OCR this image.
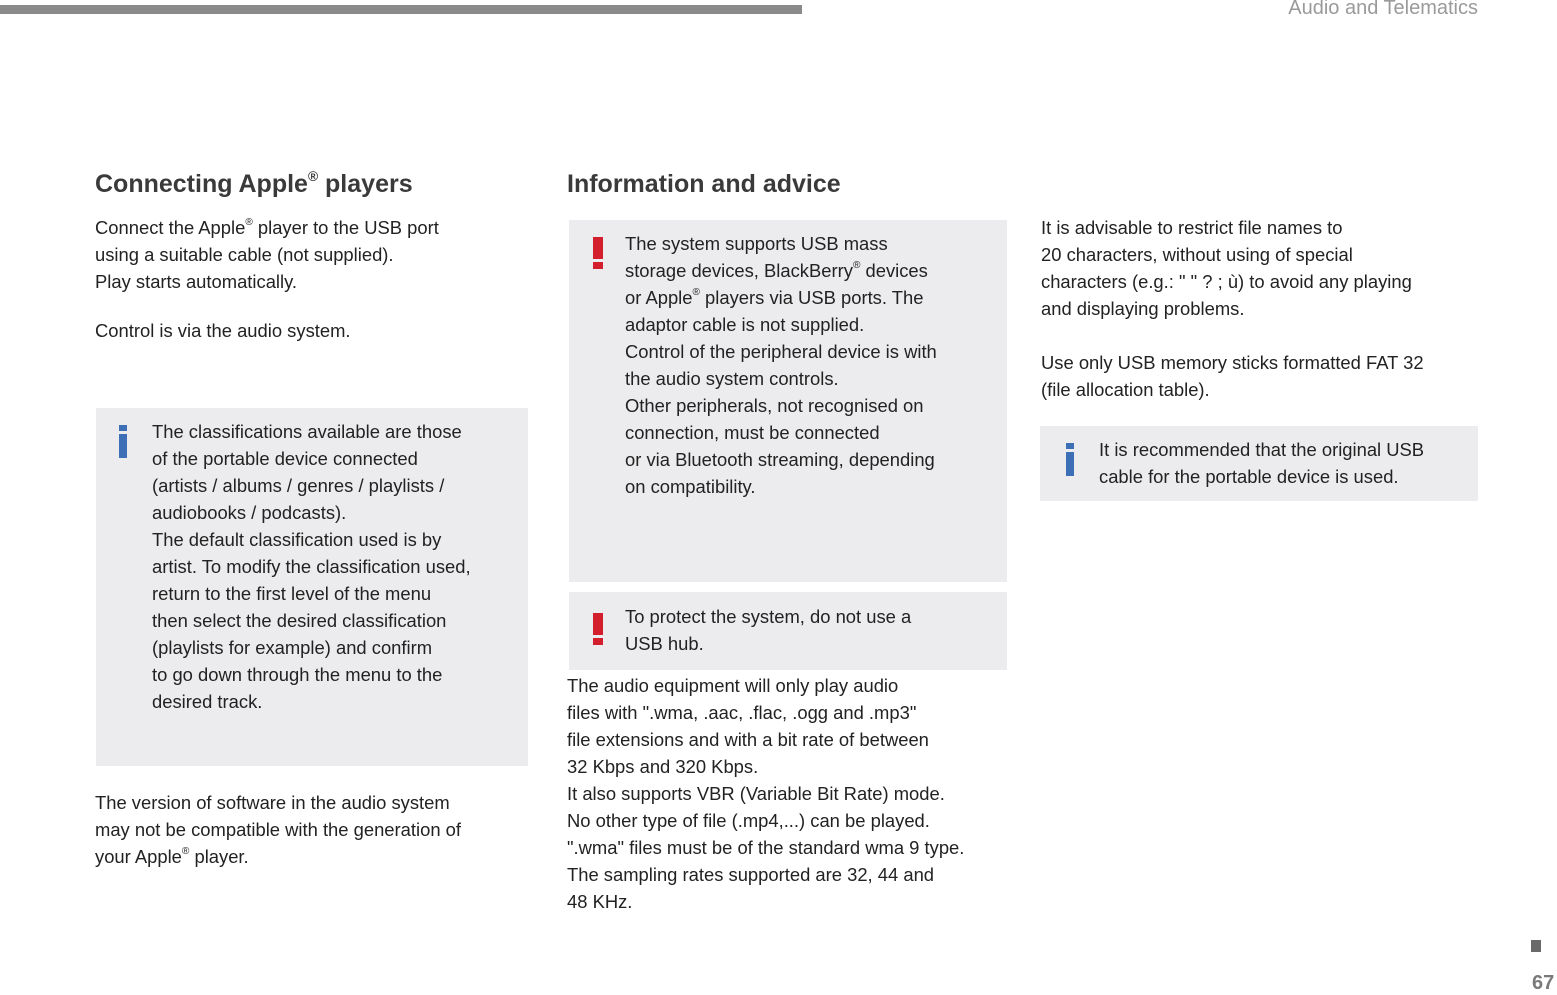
Audio and Telematics
Connecting Apple® players
Connect the Apple® player to the USB port
using a suitable cable (not supplied).
Play starts automatically.
Control is via the audio system.
The classifications available are those
of the portable device connected
(artists / albums / genres / playlists /
audiobooks / podcasts).
The default classification used is by
artist. To modify the classification used,
return to the first level of the menu
then select the desired classification
(playlists for example) and confirm
to go down through the menu to the
desired track.
The version of software in the audio system
may not be compatible with the generation of
your Apple® player.
Information and advice
The system supports USB mass
storage devices, BlackBerry® devices
or Apple® players via USB ports. The
adaptor cable is not supplied.
Control of the peripheral device is with
the audio system controls.
Other peripherals, not recognised on
connection, must be connected
or via Bluetooth streaming, depending
on compatibility.
To protect the system, do not use a
USB hub.
The audio equipment will only play audio
files with ".wma, .aac, .flac, .ogg and .mp3"
file extensions and with a bit rate of between
32 Kbps and 320 Kbps.
It also supports VBR (Variable Bit Rate) mode.
No other type of file (.mp4,...) can be played.
".wma" files must be of the standard wma 9 type.
The sampling rates supported are 32, 44 and
48 KHz.
It is advisable to restrict file names to
20 characters, without using of special
characters (e.g.: " " ? ; ù) to avoid any playing
and displaying problems.
Use only USB memory sticks formatted FAT 32
(file allocation table).
It is recommended that the original USB
cable for the portable device is used.
67
